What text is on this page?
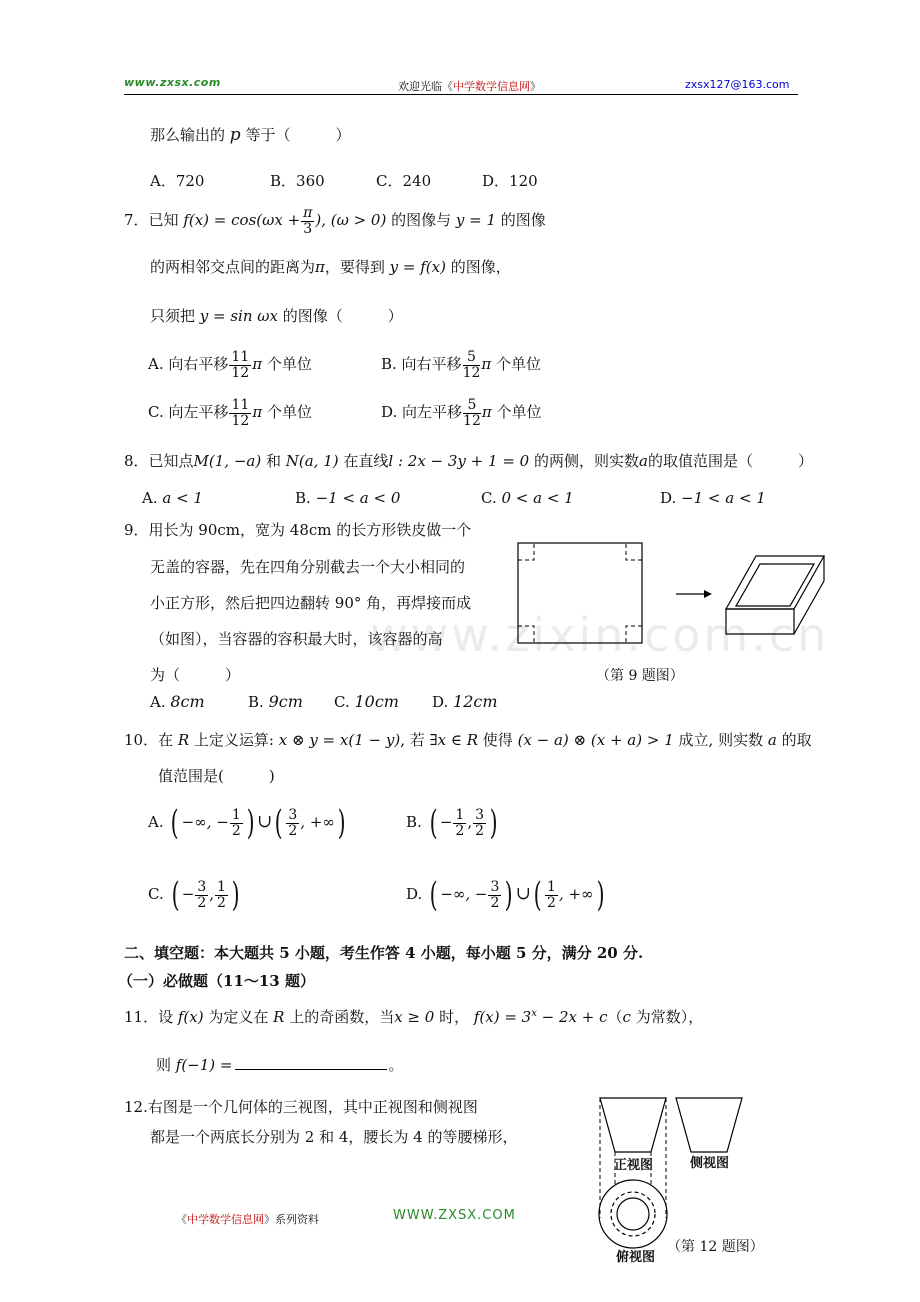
www.zxsx.com	欢迎光临《中学数学信息网》	zxsx127@163.com
www.zixin.com.cn
那么输出的 p 等于（　　　）
A．720	B．360	C．240	D．120
7．已知 $f(x) = \cos(\omega x + \frac{\pi}{3}$ ), (ω > 0) 的图像与 y = 1 的图像
的两相邻交点间的距离为π，要得到 y = f(x) 的图像，
只须把 y = sin ωx 的图像（　　　）
A. 向右平移 $\frac{11}{12}$ π 个单位	B. 向右平移 $\frac{5}{12}$ π 个单位
C. 向左平移 $\frac{11}{12}$ π 个单位	D. 向左平移 $\frac{5}{12}$ π 个单位
8．已知点M(1, −a) 和 N(a, 1) 在直线l : 2x − 3y + 1 = 0 的两侧，则实数a的取值范围是（　　　）
A. a < 1	B. −1 < a < 0	C. 0 < a < 1	D. −1 < a < 1
9．用长为 90cm，宽为 48cm 的长方形铁皮做一个
无盖的容器，先在四角分别截去一个大小相同的
小正方形，然后把四边翻转 90° 角，再焊接而成
（如图），当容器的容积最大时，该容器的高
为（　　　）	（第 9 题图）
A. 8cm	B. 9cm C. 10cm D. 12cm
10．在 R 上定义运算: x ⊗ y = x(1 − y), 若 ∃x ∈ R 使得 (x − a) ⊗ (x + a) > 1 成立, 则实数 a 的取
值范围是(　　　)
A. ( −∞, − $\frac{1}{2}$ ) ∪( $\frac{3}{2}$ , +∞)	B. ( − $\frac{1}{2}$ , $\frac{3}{2}$ )
C. ( − $\frac{3}{2}$ , $\frac{1}{2}$ )	D. ( −∞, − $\frac{3}{2}$ ) ∪( $\frac{1}{2}$ , +∞)
二、填空题：本大题共 5 小题，考生作答 4 小题，每小题 5 分，满分 20 分.
（一）必做题（11～13 题）
11．设 f(x) 为定义在 R 上的奇函数，当x ≥ 0 时， $f(x) = 3^x - 2x + c(c$ 为常数），
则 f(−1) =	。
12.右图是一个几何体的三视图，其中正视图和侧视图
都是一个两底长分别为 2 和 4，腰长为 4 的等腰梯形，
正视图	侧视图
俯视图
（第 12 题图）
《中学数学信息网》系列资料	WWW.ZXSX.COM
